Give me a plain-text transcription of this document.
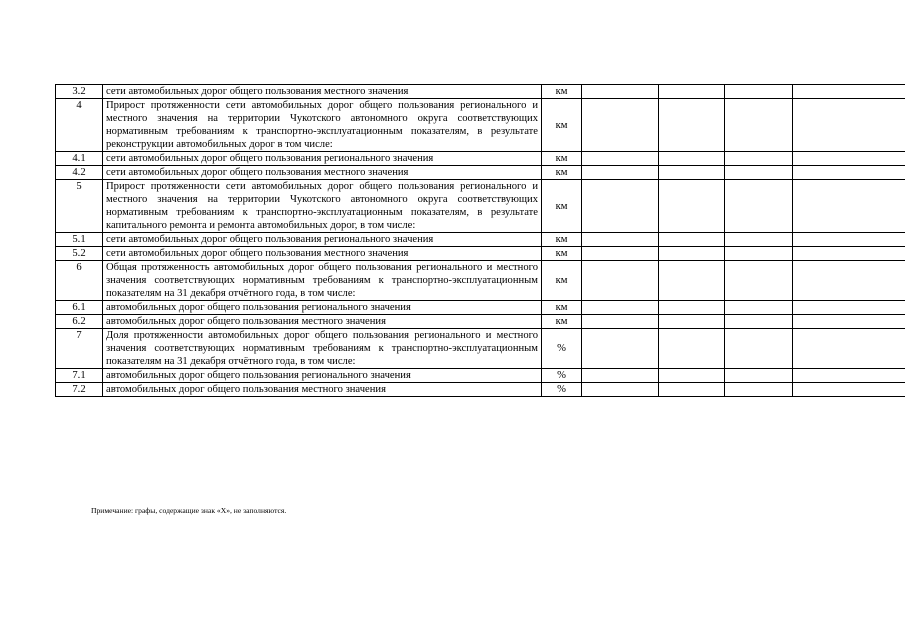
3.2	сети автомобильных дорог общего пользования местного значения	км				
4	Прирост протяженности сети автомобильных дорог общего пользования регионального и местного значения на территории Чукотского автономного округа соответствующих нормативным требованиям к транспортно-эксплуатационным показателям, в результате реконструкции автомобильных дорог в том числе:	км				
4.1	сети автомобильных дорог общего пользования регионального значения	км				
4.2	сети автомобильных дорог общего пользования местного значения	км				
5	Прирост протяженности сети автомобильных дорог общего пользования регионального и местного значения на территории Чукотского автономного округа соответствующих нормативным требованиям к транспортно-эксплуатационным показателям, в результате капитального ремонта и ремонта автомобильных дорог, в том числе:	км				
5.1	сети автомобильных дорог общего пользования регионального значения	км				
5.2	сети автомобильных дорог общего пользования местного значения	км				
6	Общая протяженность автомобильных дорог общего пользования регионального и местного значения соответствующих нормативным требованиям к транспортно-эксплуатационным показателям на 31 декабря отчётного года, в том числе:	км				
6.1	автомобильных дорог общего пользования регионального значения	км				
6.2	автомобильных дорог общего пользования местного значения	км				
7	Доля протяженности автомобильных дорог общего пользования регионального и местного значения соответствующих нормативным требованиям к транспортно-эксплуатационным показателям на 31 декабря отчётного года, в том числе:	%				
7.1	автомобильных дорог общего пользования регионального значения	%				
7.2	автомобильных дорог общего пользования местного значения	%				
Примечание: графы, содержащие знак «Х», не заполняются.
